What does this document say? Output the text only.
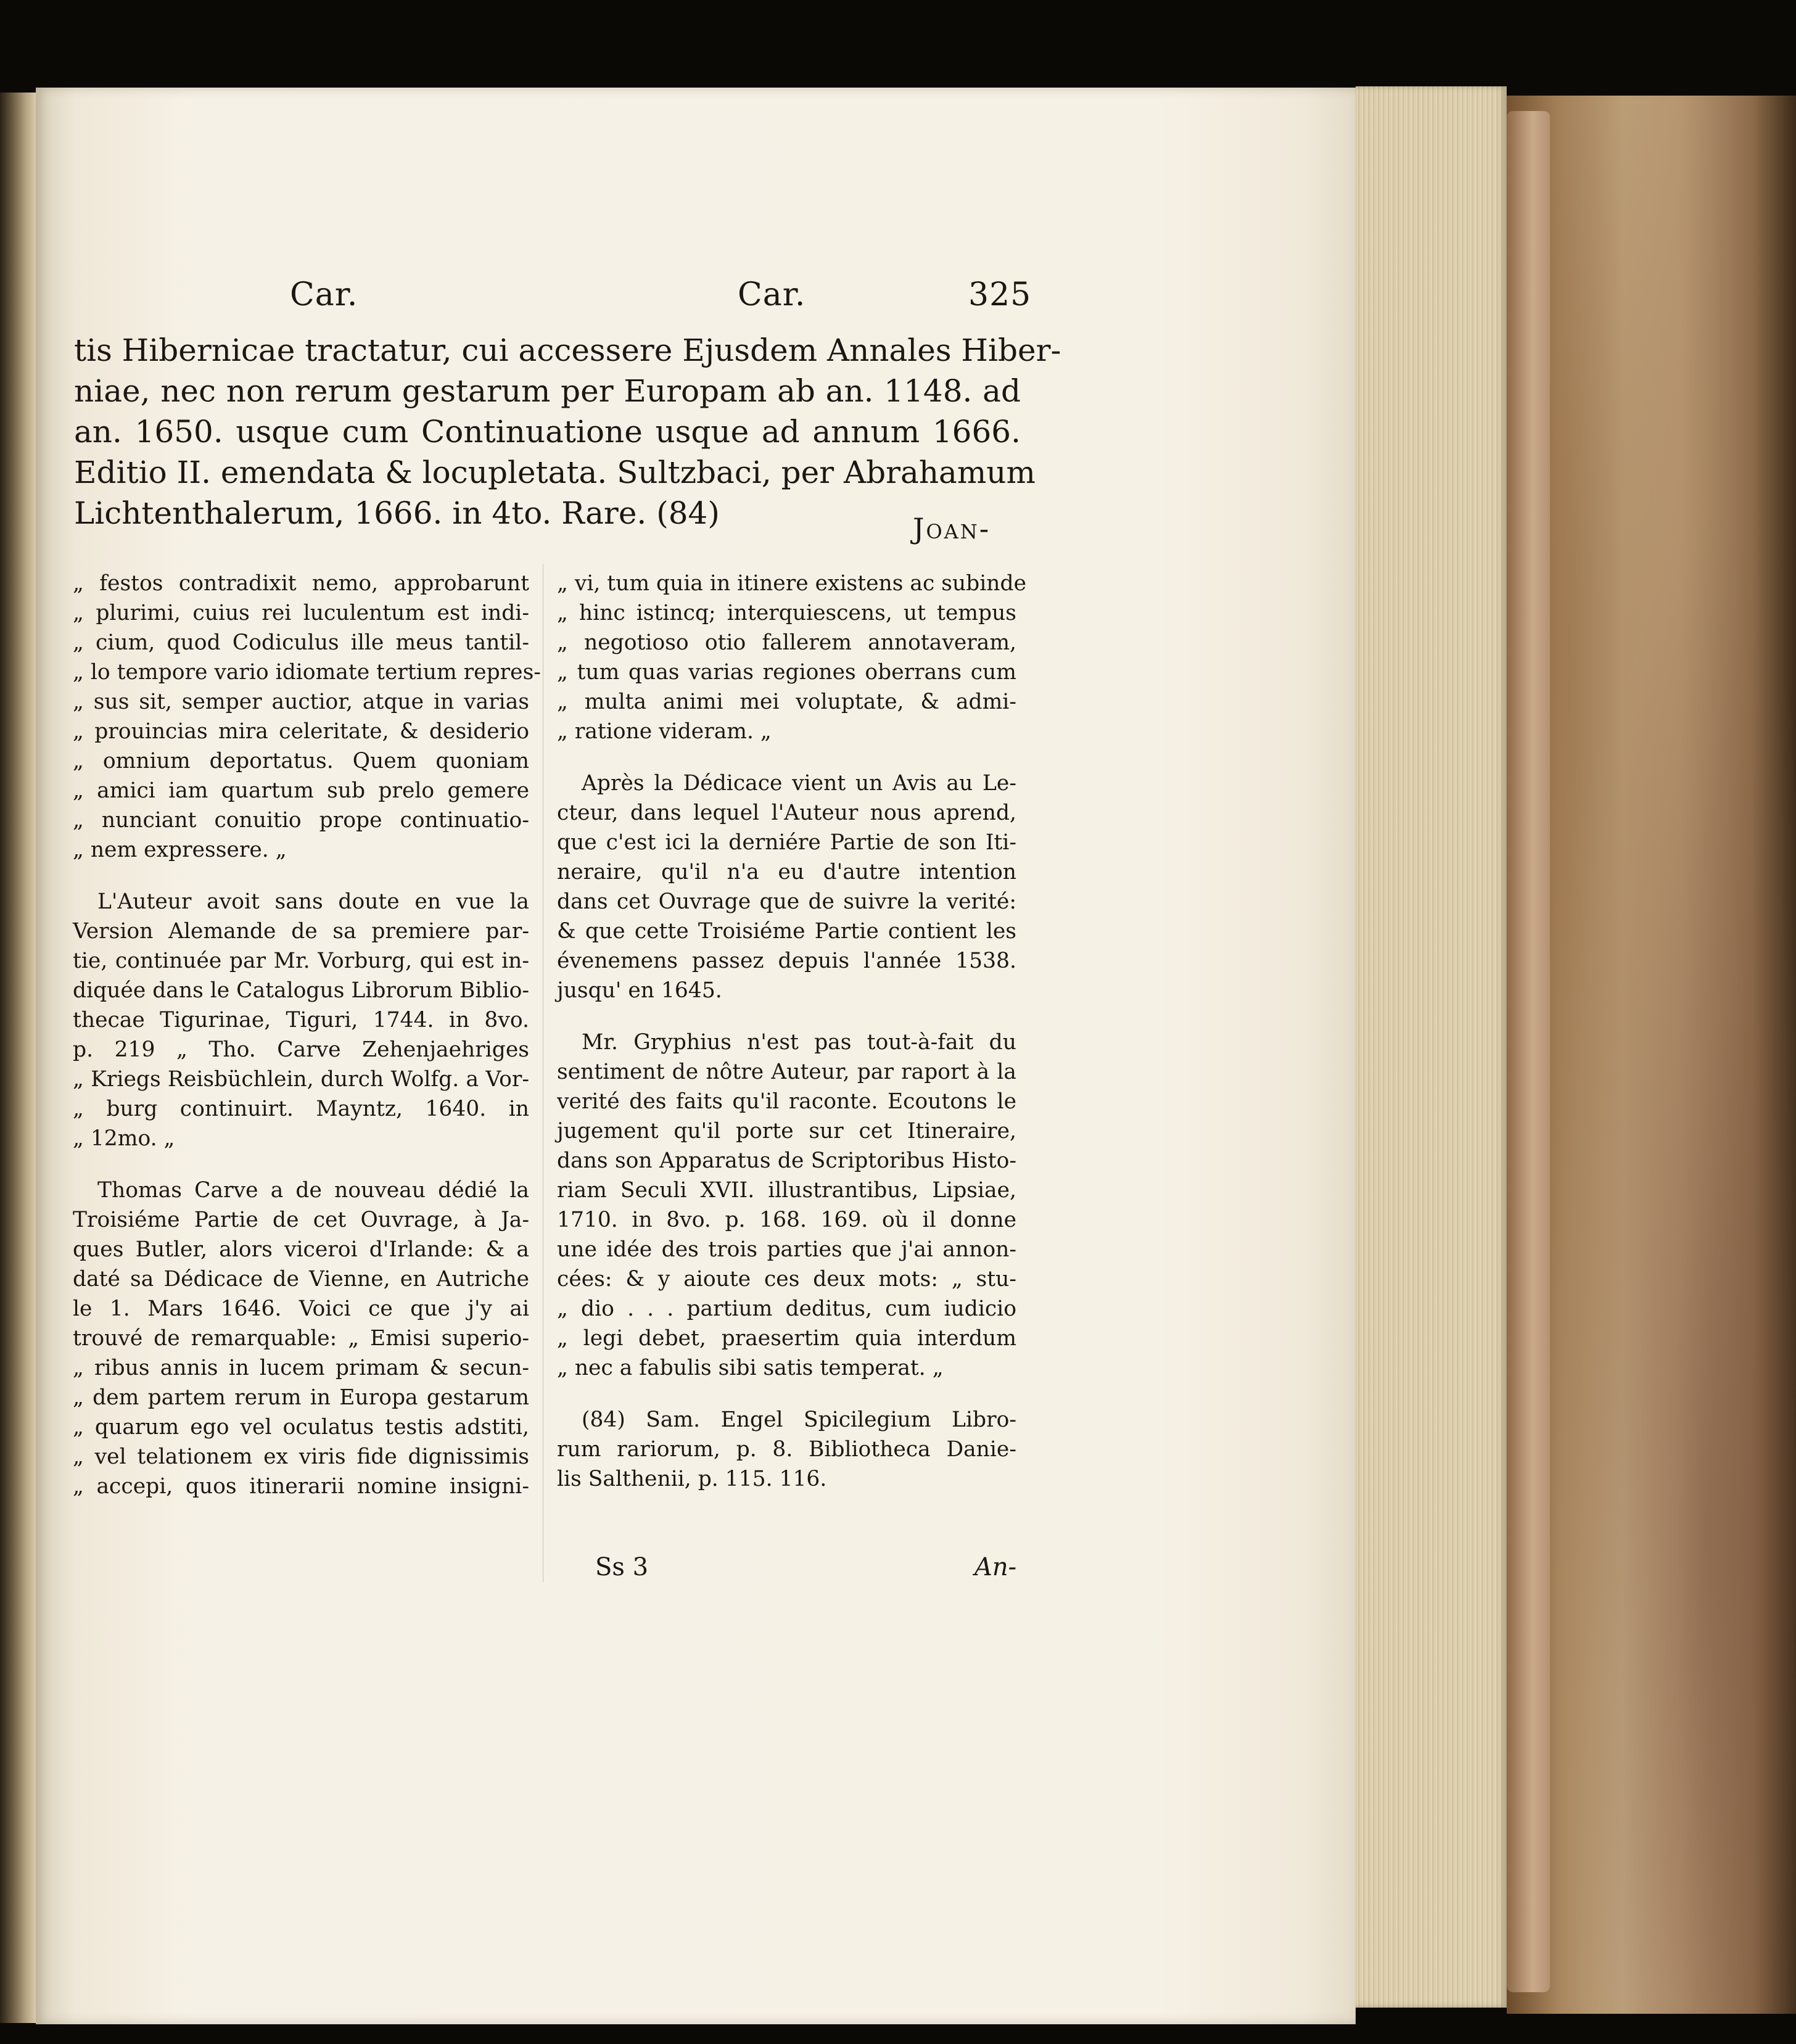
Car.	Car.	325
tis Hibernicae tractatur, cui accessere Ejusdem Annales Hiber-
niae, nec non rerum gestarum per Europam ab an. 1148. ad
an. 1650. usque cum Continuatione usque ad annum 1666.
Editio II. emendata & locupletata. Sultzbaci, per Abrahamum
Lichtenthalerum, 1666. in 4to. Rare. (84)	Joan-

„ festos contradixit nemo, approbarunt
„ plurimi, cuius rei luculentum est indi-
„ cium, quod Codiculus ille meus tantil-
„ lo tempore vario idiomate tertium repres-
„ sus sit, semper auctior, atque in varias
„ prouincias mira celeritate, & desiderio
„ omnium deportatus. Quem quoniam
„ amici iam quartum sub prelo gemere
„ nunciant conuitio prope continuatio-
„ nem expressere. „

L'Auteur avoit sans doute en vue la
Version Alemande de sa premiere par-
tie, continuée par Mr. Vorburg, qui est in-
diquée dans le Catalogus Librorum Biblio-
thecae Tigurinae, Tiguri, 1744. in 8vo.
p. 219 „ Tho. Carve Zehenjaehriges
„ Kriegs Reisbüchlein, durch Wolfg. a Vor-
„ burg continuirt. Mayntz, 1640. in
„ 12mo. „

Thomas Carve a de nouveau dédié la
Troisiéme Partie de cet Ouvrage, à Ja-
ques Butler, alors viceroi d'Irlande: & a
daté sa Dédicace de Vienne, en Autriche
le 1. Mars 1646. Voici ce que j'y ai
trouvé de remarquable: „ Emisi superio-
„ ribus annis in lucem primam & secun-
„ dem partem rerum in Europa gestarum
„ quarum ego vel oculatus testis adstiti,
„ vel telationem ex viris fide dignissimis
„ accepi, quos itinerarii nomine insigni-

„ vi, tum quia in itinere existens ac subinde
„ hinc istincq; interquiescens, ut tempus
„ negotioso otio fallerem annotaveram,
„ tum quas varias regiones oberrans cum
„ multa animi mei voluptate, & admi-
„ ratione videram. „

Après la Dédicace vient un Avis au Le-
cteur, dans lequel l'Auteur nous aprend,
que c'est ici la derniére Partie de son Iti-
neraire, qu'il n'a eu d'autre intention
dans cet Ouvrage que de suivre la verité:
& que cette Troisiéme Partie contient les
évenemens passez depuis l'année 1538.
jusqu' en 1645.

Mr. Gryphius n'est pas tout-à-fait du
sentiment de nôtre Auteur, par raport à la
verité des faits qu'il raconte. Ecoutons le
jugement qu'il porte sur cet Itineraire,
dans son Apparatus de Scriptoribus Histo-
riam Seculi XVII. illustrantibus, Lipsiae,
1710. in 8vo. p. 168. 169. où il donne
une idée des trois parties que j'ai annon-
cées: & y aioute ces deux mots: „ stu-
„ dio . . . partium deditus, cum iudicio
„ legi debet, praesertim quia interdum
„ nec a fabulis sibi satis temperat. „

(84) Sam. Engel Spicilegium Libro-
rum rariorum, p. 8. Bibliotheca Danie-
lis Salthenii, p. 115. 116.

Ss 3	An-
